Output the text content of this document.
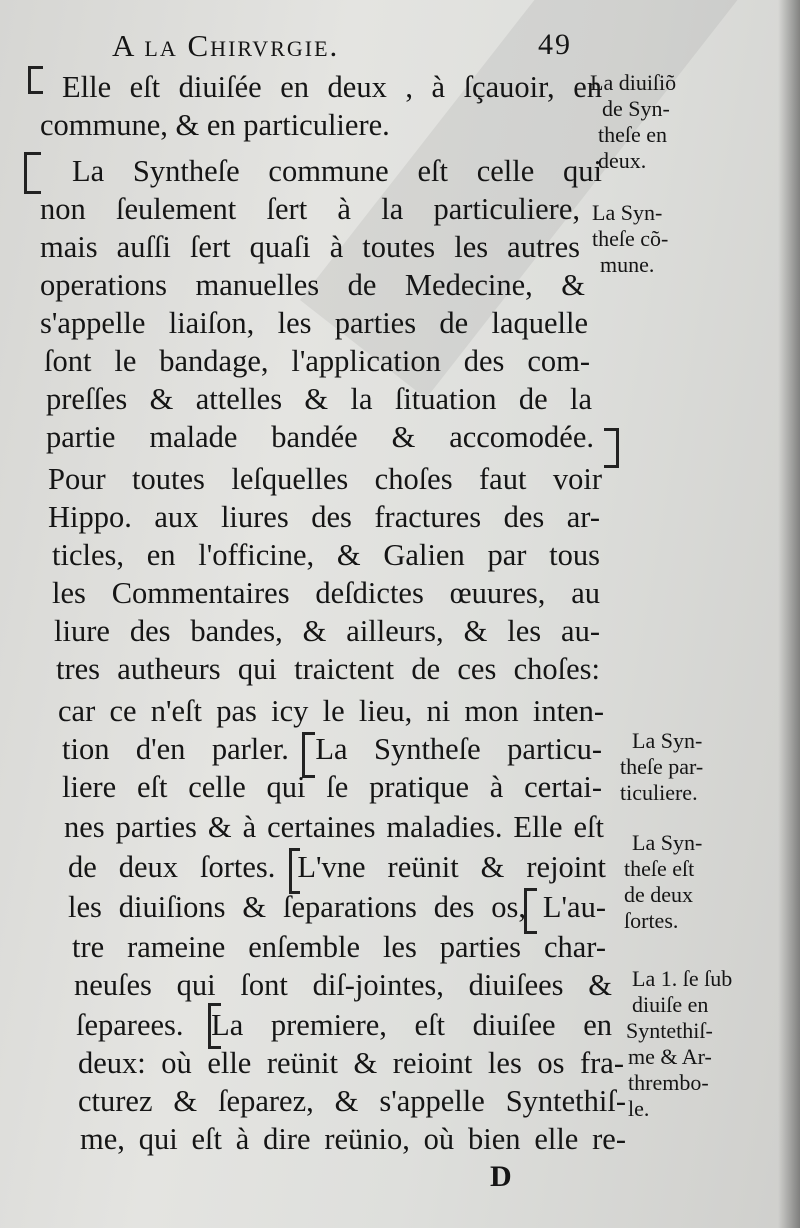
A la Chirvrgie.	49
Elle eſt diuiſée en deux , à ſçauoir, en
commune, & en particuliere.
La Syntheſe commune eſt celle qui
non ſeulement ſert à la particuliere,
mais auſſi ſert quaſi à toutes les autres
operations manuelles de Medecine, &
s'appelle liaiſon, les parties de laquelle
ſont le bandage, l'application des com-
preſſes & attelles & la ſituation de la
partie malade bandée & accomodée.
Pour toutes leſquelles choſes faut voir
Hippo. aux liures des fractures des ar-
ticles, en l'officine, & Galien par tous
les Commentaires deſdictes œuures, au
liure des bandes, & ailleurs, & les au-
tres autheurs qui traictent de ces choſes:
car ce n'eſt pas icy le lieu, ni mon inten-
tion d'en parler. La Syntheſe particu-
liere eſt celle qui ſe pratique à certai-
nes parties & à certaines maladies. Elle eſt
de deux ſortes. L'vne reünit & rejoint
les diuiſions & ſeparations des os, L'au-
tre rameine enſemble les parties char-
neuſes qui ſont diſ-jointes, diuiſees &
ſeparees. La premiere, eſt diuiſee en
deux: où elle reünit & reioint les os fra-
cturez & ſeparez, & s'appelle Syntethiſ-
me, qui eſt à dire reünio, où bien elle re-
La diuiſiõ
de Syn-
theſe en
deux.
La Syn-
theſe cõ-
mune.
La Syn-
theſe par-
ticuliere.
La Syn-
theſe eſt
de deux
ſortes.
La 1. ſe ſub
diuiſe en
Syntethiſ-
me & Ar-
thrembo-
le.
D
